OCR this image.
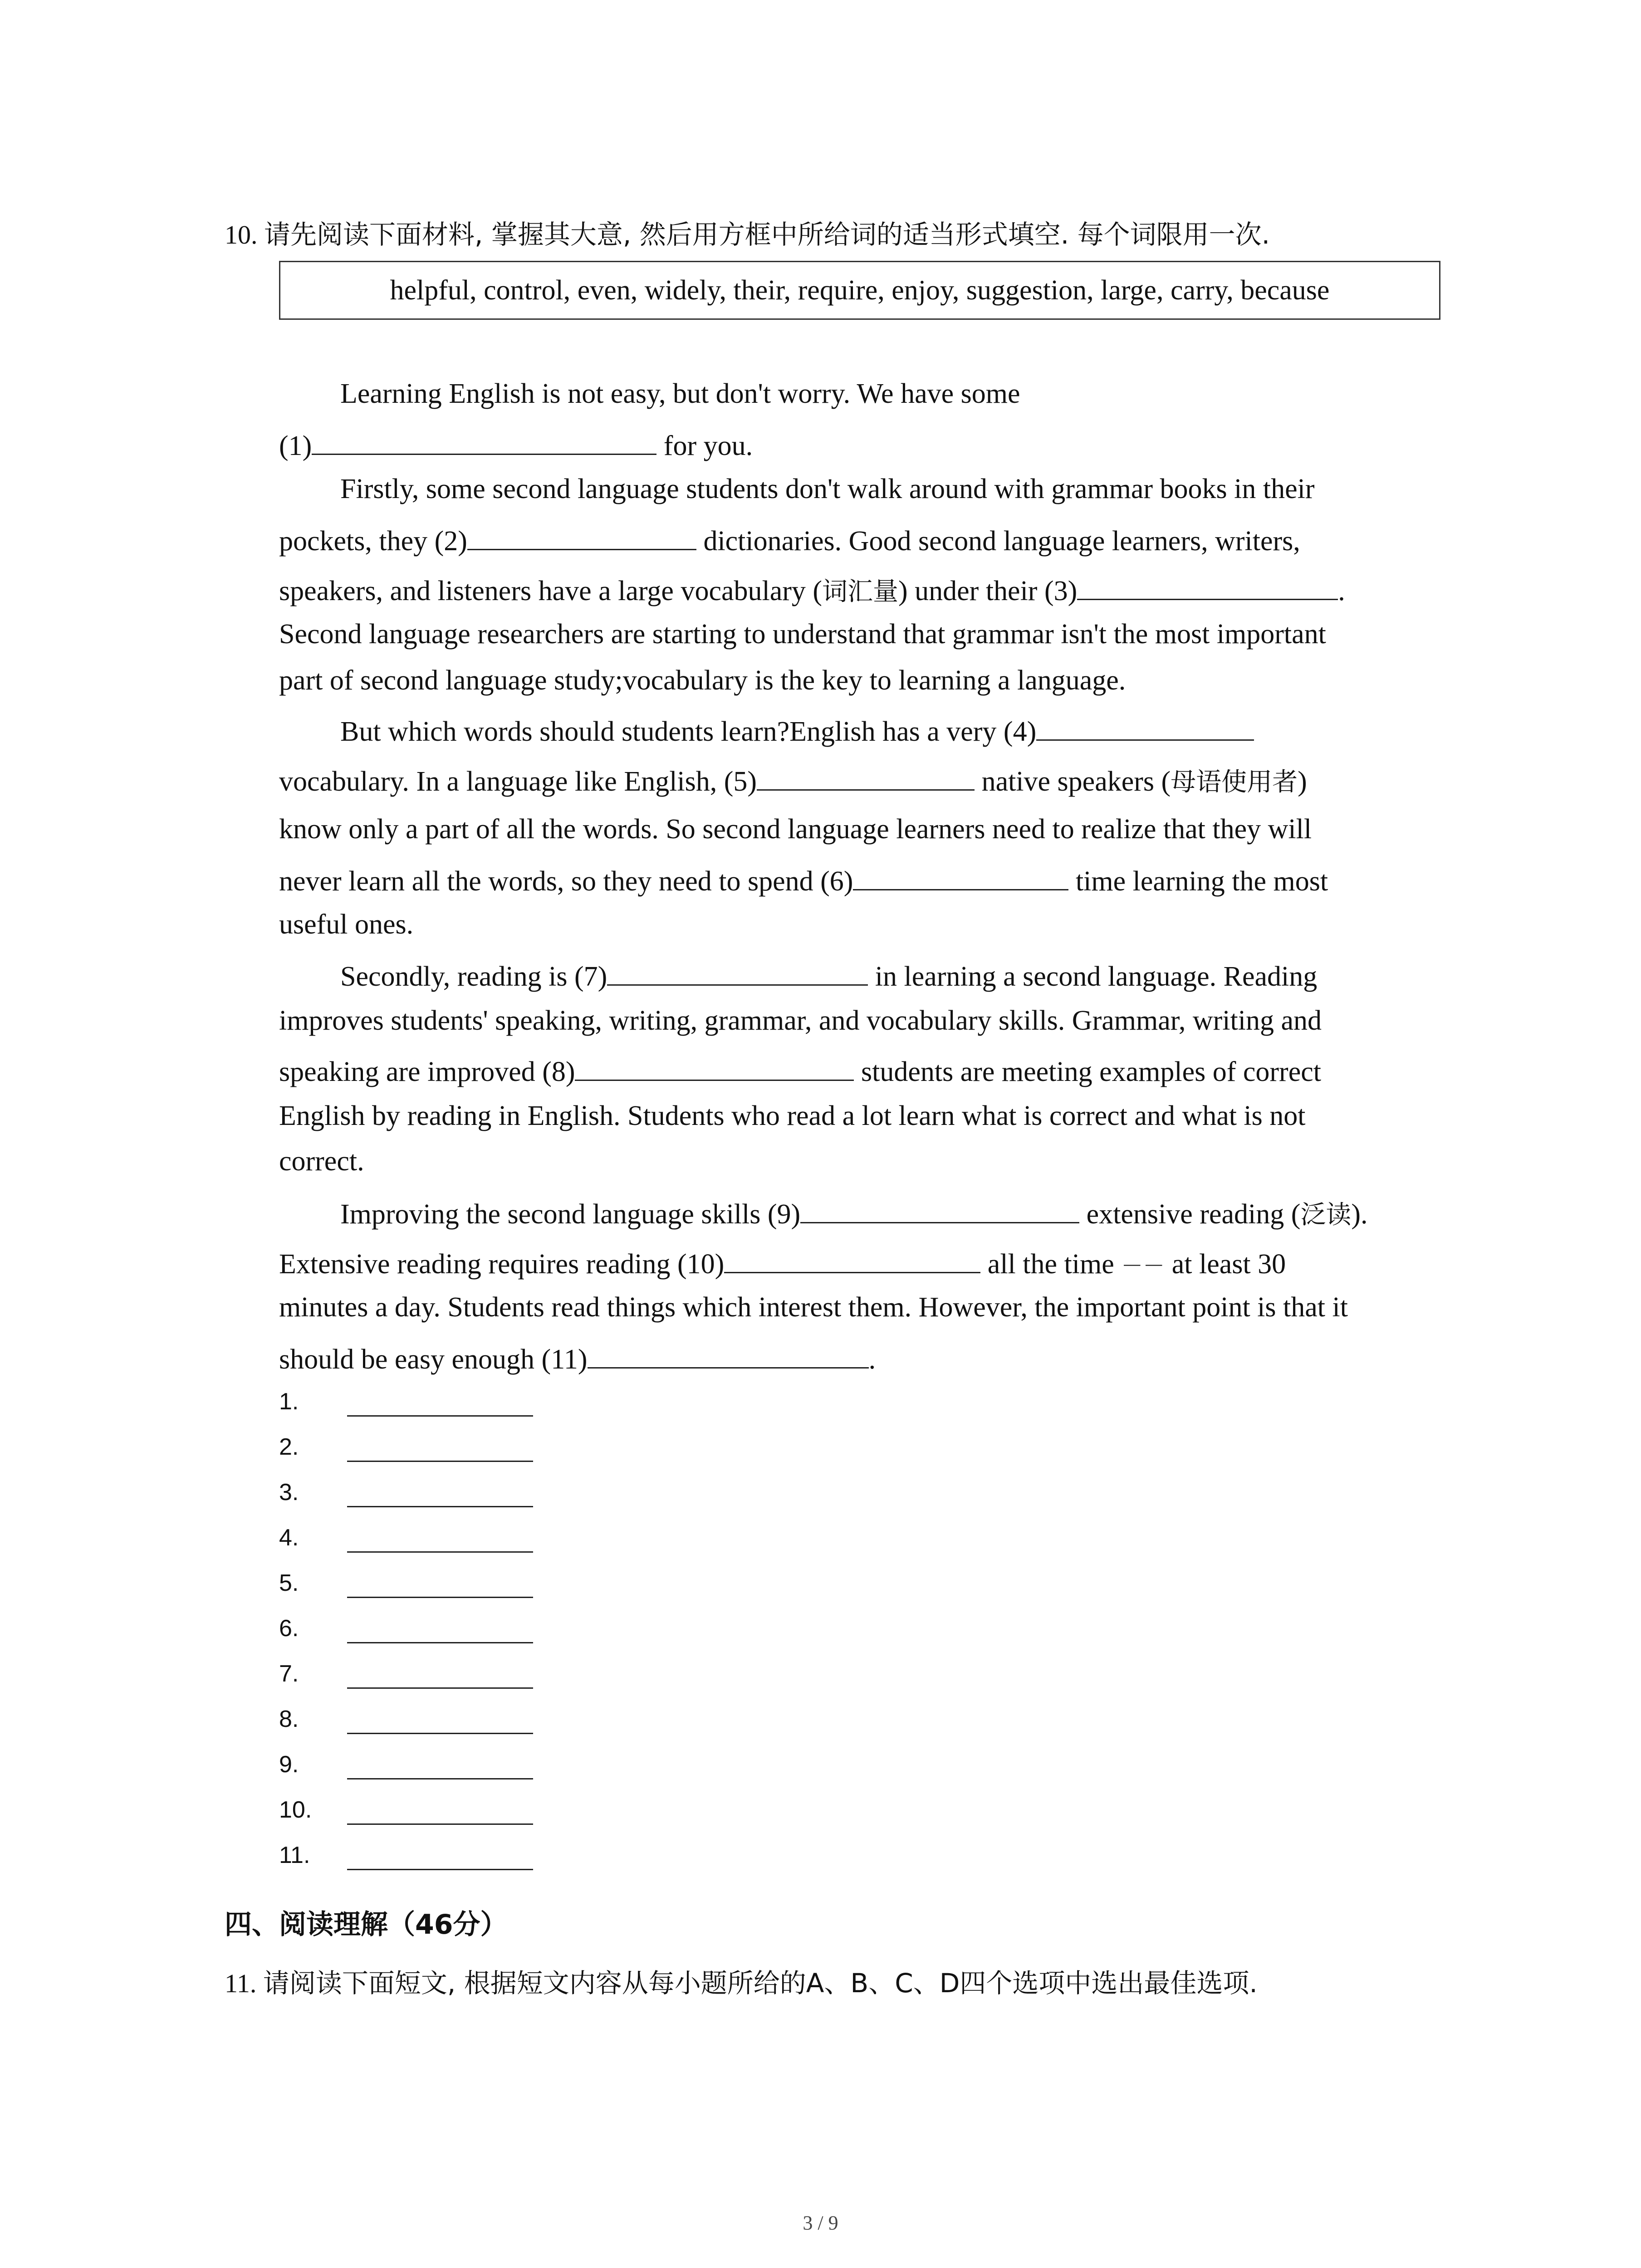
10. 请先阅读下面材料, 掌握其大意, 然后用方框中所给词的适当形式填空. 每个词限用一次.
helpful, control, even, widely, their, require, enjoy, suggestion, large, carry, because
Learning English is not easy, but don't worry. We have some
(1)	for you.
Firstly, some second language students don't walk around with grammar books in their
pockets, they (2)	dictionaries. Good second language learners, writers,
speakers, and listeners have a large vocabulary (词汇量) under their (3)	.
Second language researchers are starting to understand that grammar isn't the most important
part of second language study;vocabulary is the key to learning a language.
But which words should students learn?English has a very (4)
vocabulary. In a language like English, (5)	native speakers (母语使用者)
know only a part of all the words. So second language learners need to realize that they will
never learn all the words, so they need to spend (6)	time learning the most
useful ones.
Secondly, reading is (7)	in learning a second language. Reading
improves students' speaking, writing, grammar, and vocabulary skills. Grammar, writing and
speaking are improved (8)	students are meeting examples of correct
English by reading in English. Students who read a lot learn what is correct and what is not
correct.
Improving the second language skills (9)	extensive reading (泛读).
Extensive reading requires reading (10)	all the time －－ at least 30
minutes a day. Students read things which interest them. However, the important point is that it
should be easy enough (11)	.
1.
2.
3.
4.
5.
6.
7.
8.
9.
10.
11.
四、阅读理解（46分）
11. 请阅读下面短文, 根据短文内容从每小题所给的A、B、C、D四个选项中选出最佳选项.
3 / 9
